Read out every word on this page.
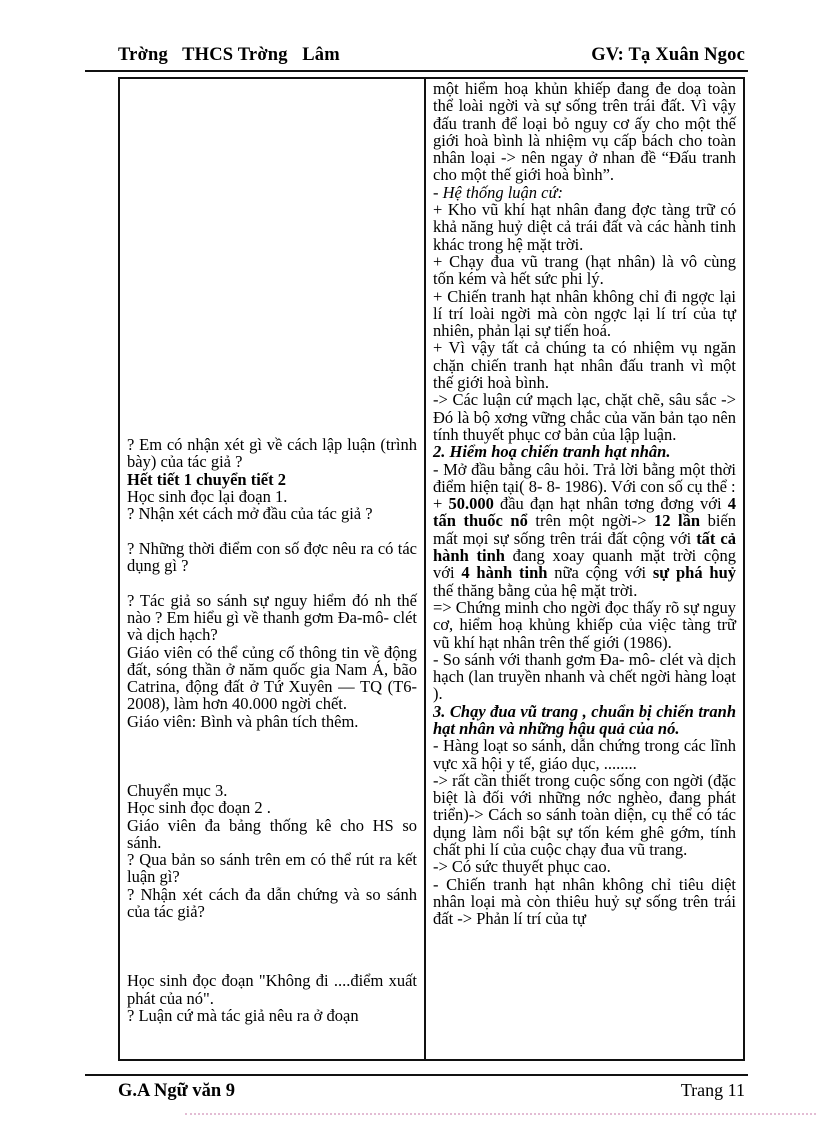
Trờng   THCS Trờng   Lâm	GV: Tạ Xuân Ngoc
? Em có nhận xét gì về cách lập luận (trình bày) của tác giả ?
Hết tiết 1 chuyển tiết 2
Học sinh đọc lại đoạn 1.
? Nhận xét cách mở đầu của tác giả ?
? Những thời điểm con số đợc nêu ra có tác dụng gì ?
? Tác giả so sánh sự nguy hiểm đó nh thế nào ? Em hiểu gì về thanh gơm Đa-mô- clét và dịch hạch?
Giáo viên có thể củng cố thông tin về động đất, sóng thần ở năm quốc gia Nam Á, bão Catrina, động đất ở Tứ Xuyên — TQ (T6-2008), làm hơn 40.000 ngời chết.
Giáo viên: Bình và phân tích thêm.
Chuyển mục 3.
Học sinh đọc đoạn 2 .
Giáo viên đa bảng thống kê cho HS so sánh.
? Qua bản so sánh trên em có thể rút ra kết luận gì?
? Nhận xét cách đa dẫn chứng và so sánh của tác giả?
Học sinh đọc đoạn "Không đi ....điểm xuất phát của nó".
? Luận cứ mà tác giả nêu ra ở đoạn
một hiểm hoạ khủn khiếp đang đe doạ toàn thể loài ngời và sự sống trên trái đất. Vì vậy đấu tranh để loại bỏ nguy cơ ấy cho một thế giới hoà bình là nhiệm vụ cấp bách cho toàn nhân loại -> nên ngay ở nhan đề “Đấu tranh cho một thế giới hoà bình”.
- Hệ thống luận cứ:
+ Kho vũ khí hạt nhân đang đợc tàng trữ có khả năng huỷ diệt cả trái đất và các hành tinh khác trong hệ mặt trời.
+ Chạy đua vũ trang (hạt nhân) là vô cùng tốn kém và hết sức phi lý.
+ Chiến tranh hạt nhân không chỉ đi ngợc lại lí trí loài ngời mà còn ngợc lại lí trí của tự nhiên, phản lại sự tiến hoá.
+ Vì vậy tất cả chúng ta có nhiệm vụ ngăn chặn chiến tranh hạt nhân đấu tranh vì một thế giới hoà bình.
-> Các luận cứ mạch lạc, chặt chẽ, sâu sắc -> Đó là bộ xơng vững chắc của văn bản tạo nên tính thuyết phục cơ bản của lập luận.
2. Hiểm hoạ chiến tranh hạt nhân.
- Mở đầu bằng câu hỏi. Trả lời bằng một thời điểm hiện tại( 8- 8- 1986). Với con số cụ thể :
+ 50.000 đầu đạn hạt nhân tơng đơng với 4 tấn thuốc nổ trên một ngời-> 12 lần biến mất mọi sự sống trên trái đất cộng với tất cả hành tinh đang xoay quanh mặt trời cộng với 4 hành tinh nữa cộng với sự phá huỷ thế thăng bằng của hệ mặt trời.
=> Chứng minh cho ngời đọc thấy rõ sự nguy cơ, hiểm hoạ khủng khiếp của việc tàng trữ vũ khí hạt nhân trên thế giới (1986).
- So sánh với thanh gơm Đa- mô- clét và dịch hạch (lan truyền nhanh và chết ngời hàng loạt ).
3. Chạy đua vũ trang , chuẩn bị chiến tranh hạt nhân và những hậu quả của nó.
- Hàng loạt so sánh, dẫn chứng trong các lĩnh vực xã hội y tế, giáo dục, ........
-> rất cần thiết trong cuộc sống con ngời (đặc biệt là đối với những nớc nghèo, đang phát triển)-> Cách so sánh toàn diện, cụ thể có tác dụng làm nổi bật sự tốn kém ghê gớm, tính chất phi lí của cuộc chạy đua vũ trang.
-> Có sức thuyết phục cao.
- Chiến tranh hạt nhân không chỉ tiêu diệt nhân loại mà còn thiêu huỷ sự sống trên trái đất -> Phản lí trí của tự
G.A Ngữ văn 9	Trang 11
